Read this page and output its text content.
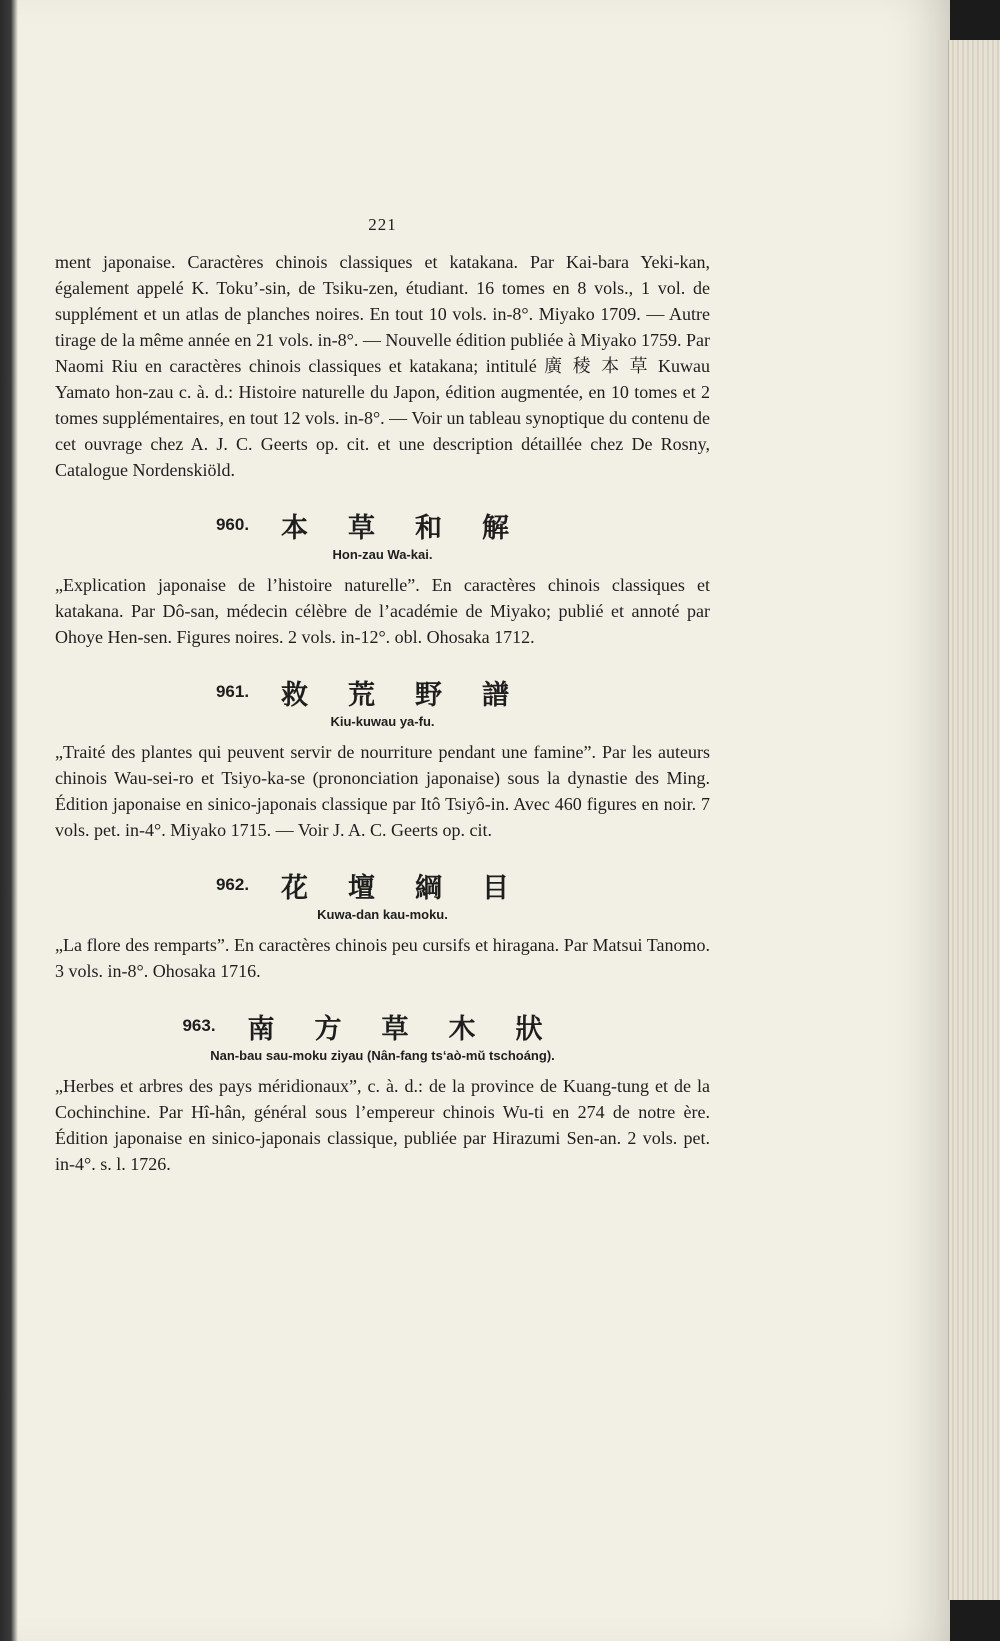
221

ment japonaise. Caractères chinois classiques et katakana. Par Kai-bara Yeki-kan, également appelé K. Toku’-sin, de Tsiku-zen, étudiant. 16 tomes en 8 vols., 1 vol. de supplément et un atlas de planches noires. En tout 10 vols. in-8°. Miyako 1709. — Autre tirage de la même année en 21 vols. in-8°. — Nouvelle édition publiée à Miyako 1759. Par Naomi Riu en caractères chinois classiques et katakana; intitulé 廣 稜 本 草 Kuwau Yamato hon-zau c. à. d.: Histoire naturelle du Japon, édition augmentée, en 10 tomes et 2 tomes supplémentaires, en tout 12 vols. in-8°. — Voir un tableau synoptique du contenu de cet ouvrage chez A. J. C. Geerts op. cit. et une description détaillée chez De Rosny, Catalogue Nordenskiöld.

960. 本草和解
Hon-zau Wa-kai.

„Explication japonaise de l’histoire naturelle”. En caractères chinois classiques et katakana. Par Dô-san, médecin célèbre de l’académie de Miyako; publié et annoté par Ohoye Hen-sen. Figures noires. 2 vols. in-12°. obl. Ohosaka 1712.

961. 救荒野譜
Kiu-kuwau ya-fu.

„Traité des plantes qui peuvent servir de nourriture pendant une famine”. Par les auteurs chinois Wau-sei-ro et Tsiyo-ka-se (prononciation japonaise) sous la dynastie des Ming. Édition japonaise en sinico-japonais classique par Itô Tsiyô-in. Avec 460 figures en noir. 7 vols. pet. in-4°. Miyako 1715. — Voir J. A. C. Geerts op. cit.

962. 花壇綱目
Kuwa-dan kau-moku.

„La flore des remparts”. En caractères chinois peu cursifs et hiragana. Par Matsui Tanomo. 3 vols. in-8°. Ohosaka 1716.

963. 南方草木狀
Nan-bau sau-moku ziyau (Nân-fang ts‘aò-mŭ tschoáng).

„Herbes et arbres des pays méridionaux”, c. à. d.: de la province de Kuang-tung et de la Cochinchine. Par Hî-hân, général sous l’empereur chinois Wu-ti en 274 de notre ère. Édition japonaise en sinico-japonais classique, publiée par Hirazumi Sen-an. 2 vols. pet. in-4°. s. l. 1726.
